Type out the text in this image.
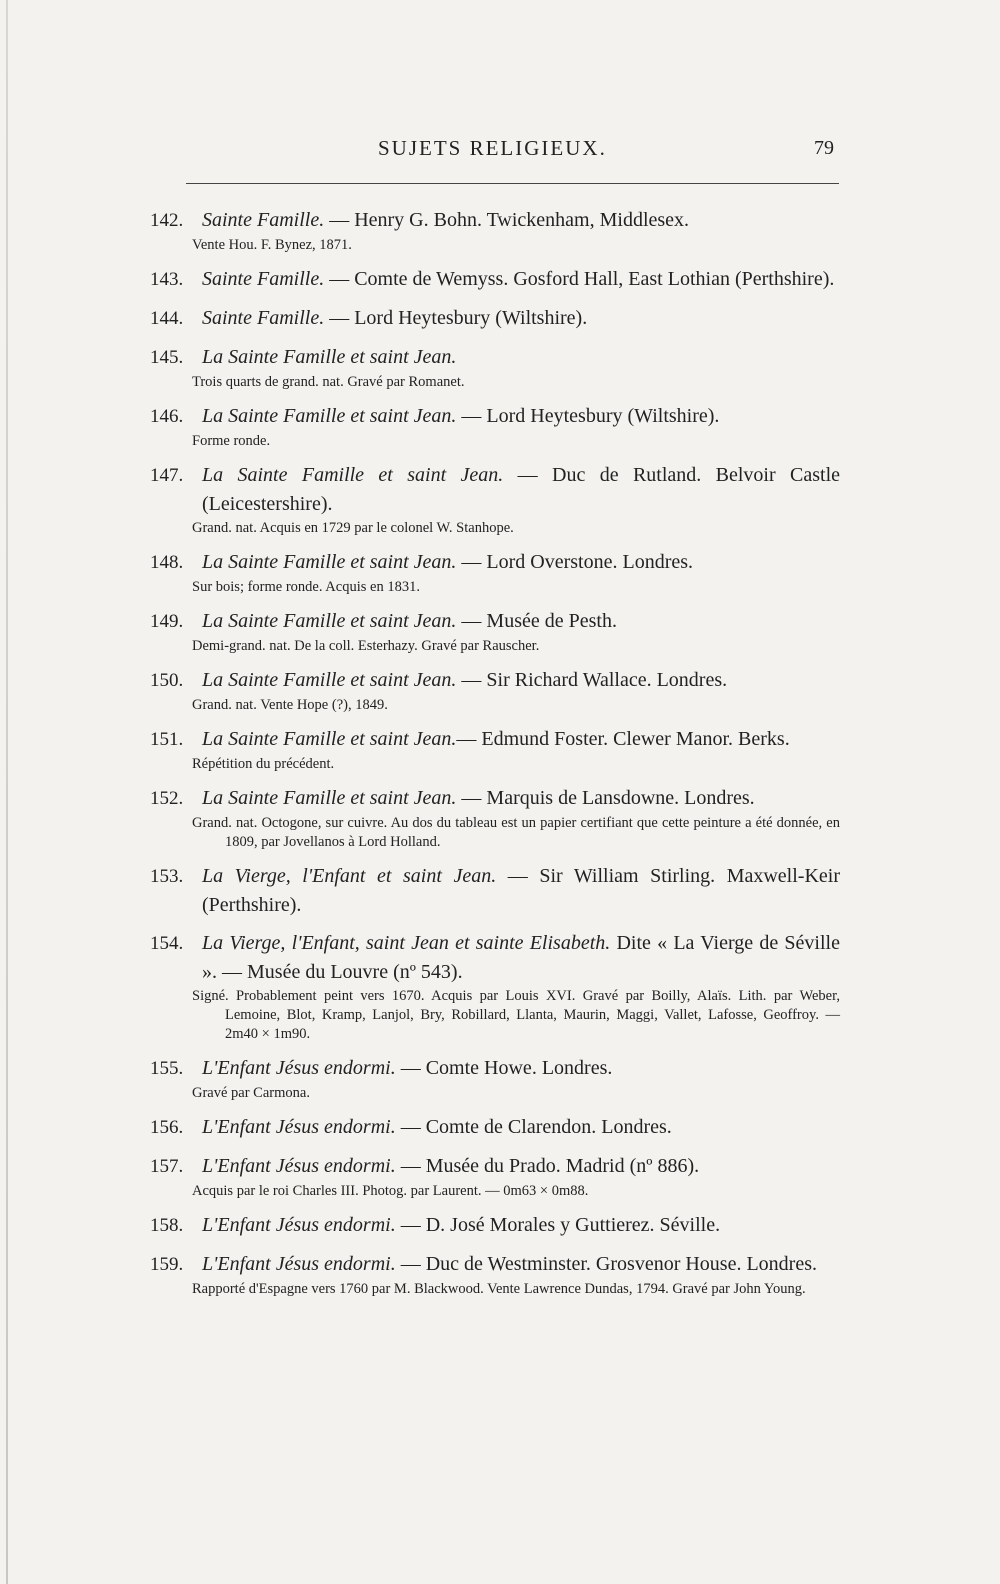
SUJETS RELIGIEUX.	79
142. Sainte Famille. — Henry G. Bohn. Twickenham, Middlesex.
Vente Hou. F. Bynez, 1871.
143. Sainte Famille. — Comte de Wemyss. Gosford Hall, East Lothian (Perthshire).
144. Sainte Famille. — Lord Heytesbury (Wiltshire).
145. La Sainte Famille et saint Jean.
Trois quarts de grand. nat. Gravé par Romanet.
146. La Sainte Famille et saint Jean. — Lord Heytesbury (Wiltshire).
Forme ronde.
147. La Sainte Famille et saint Jean. — Duc de Rutland. Belvoir Castle (Leicestershire).
Grand. nat. Acquis en 1729 par le colonel W. Stanhope.
148. La Sainte Famille et saint Jean. — Lord Overstone. Londres.
Sur bois; forme ronde. Acquis en 1831.
149. La Sainte Famille et saint Jean. — Musée de Pesth.
Demi-grand. nat. De la coll. Esterhazy. Gravé par Rauscher.
150. La Sainte Famille et saint Jean. — Sir Richard Wallace. Londres.
Grand. nat. Vente Hope (?), 1849.
151. La Sainte Famille et saint Jean.— Edmund Foster. Clewer Manor. Berks.
Répétition du précédent.
152. La Sainte Famille et saint Jean. — Marquis de Lansdowne. Londres.
Grand. nat. Octogone, sur cuivre. Au dos du tableau est un papier certifiant que cette peinture a été donnée, en 1809, par Jovellanos à Lord Holland.
153. La Vierge, l'Enfant et saint Jean. — Sir William Stirling. Maxwell-Keir (Perthshire).
154. La Vierge, l'Enfant, saint Jean et sainte Elisabeth. Dite « La Vierge de Séville ». — Musée du Louvre (nº 543).
Signé. Probablement peint vers 1670. Acquis par Louis XVI. Gravé par Boilly, Alaïs. Lith. par Weber, Lemoine, Blot, Kramp, Lanjol, Bry, Robillard, Llanta, Maurin, Maggi, Vallet, Lafosse, Geoffroy. — 2m40 × 1m90.
155. L'Enfant Jésus endormi. — Comte Howe. Londres.
Gravé par Carmona.
156. L'Enfant Jésus endormi. — Comte de Clarendon. Londres.
157. L'Enfant Jésus endormi. — Musée du Prado. Madrid (nº 886).
Acquis par le roi Charles III. Photog. par Laurent. — 0m63 × 0m88.
158. L'Enfant Jésus endormi. — D. José Morales y Guttierez. Séville.
159. L'Enfant Jésus endormi. — Duc de Westminster. Grosvenor House. Londres.
Rapporté d'Espagne vers 1760 par M. Blackwood. Vente Lawrence Dundas, 1794. Gravé par John Young.
